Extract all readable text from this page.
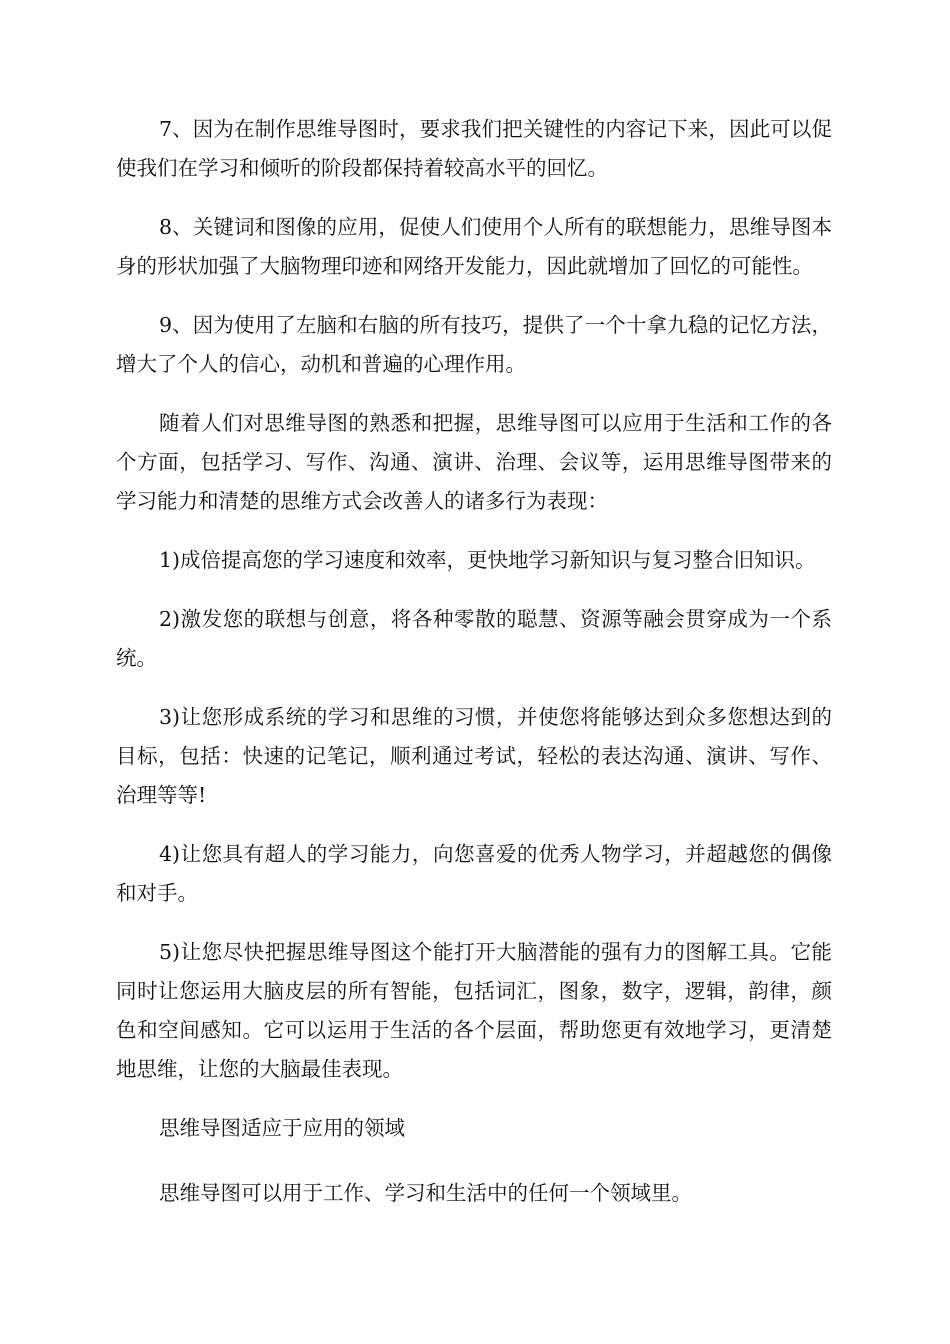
7、因为在制作思维导图时，要求我们把关键性的内容记下来，因此可以促使我们在学习和倾听的阶段都保持着较高水平的回忆。

8、关键词和图像的应用，促使人们使用个人所有的联想能力，思维导图本身的形状加强了大脑物理印迹和网络开发能力，因此就增加了回忆的可能性。

9、因为使用了左脑和右脑的所有技巧，提供了一个十拿九稳的记忆方法，增大了个人的信心，动机和普遍的心理作用。

随着人们对思维导图的熟悉和把握，思维导图可以应用于生活和工作的各个方面，包括学习、写作、沟通、演讲、治理、会议等，运用思维导图带来的学习能力和清楚的思维方式会改善人的诸多行为表现：

1)成倍提高您的学习速度和效率，更快地学习新知识与复习整合旧知识。

2)激发您的联想与创意，将各种零散的聪慧、资源等融会贯穿成为一个系统。

3)让您形成系统的学习和思维的习惯，并使您将能够达到众多您想达到的目标，包括：快速的记笔记，顺利通过考试，轻松的表达沟通、演讲、写作、治理等等!

4)让您具有超人的学习能力，向您喜爱的优秀人物学习，并超越您的偶像和对手。

5)让您尽快把握思维导图这个能打开大脑潜能的强有力的图解工具。它能同时让您运用大脑皮层的所有智能，包括词汇，图象，数字，逻辑，韵律，颜色和空间感知。它可以运用于生活的各个层面，帮助您更有效地学习，更清楚地思维，让您的大脑最佳表现。

思维导图适应于应用的领域

思维导图可以用于工作、学习和生活中的任何一个领域里。
